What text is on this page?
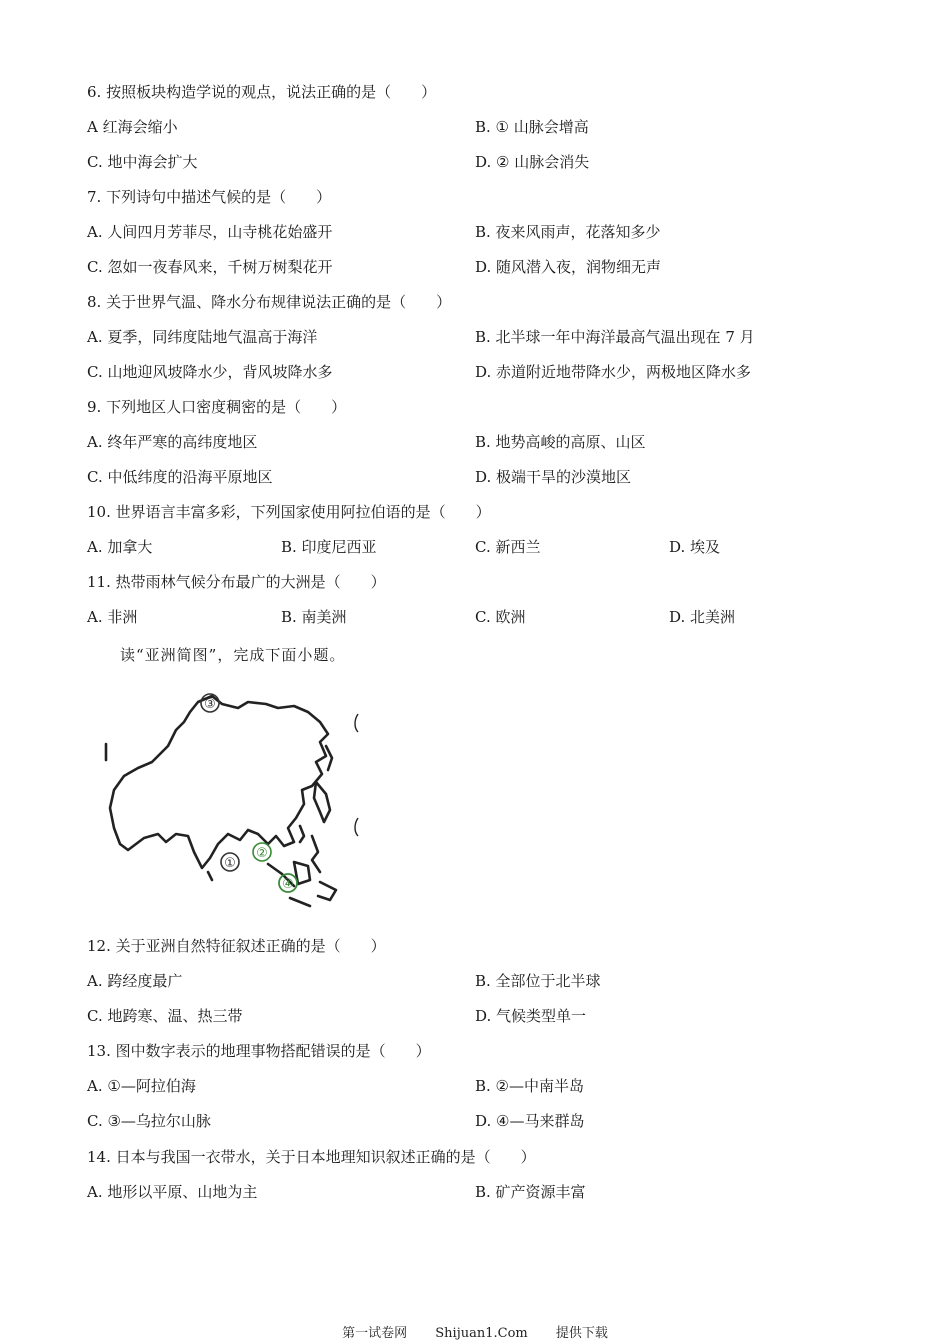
6. 按照板块构造学说的观点，说法正确的是（　　）
A 红海会缩小	B. ① 山脉会增高
C. 地中海会扩大	D. ② 山脉会消失
7. 下列诗句中描述气候的是（　　）
A. 人间四月芳菲尽，山寺桃花始盛开	B. 夜来风雨声，花落知多少
C. 忽如一夜春风来，千树万树梨花开	D. 随风潜入夜，润物细无声
8. 关于世界气温、降水分布规律说法正确的是（　　）
A. 夏季，同纬度陆地气温高于海洋	B. 北半球一年中海洋最高气温出现在 7 月
C. 山地迎风坡降水少，背风坡降水多	D. 赤道附近地带降水少，两极地区降水多
9. 下列地区人口密度稠密的是（　　）
A. 终年严寒的高纬度地区	B. 地势高峻的高原、山区
C. 中低纬度的沿海平原地区	D. 极端干旱的沙漠地区
10. 世界语言丰富多彩，下列国家使用阿拉伯语的是（　　）
A. 加拿大	B. 印度尼西亚	C. 新西兰	D. 埃及
11. 热带雨林气候分布最广的大洲是（　　）
A. 非洲	B. 南美洲	C. 欧洲	D. 北美洲
读“亚洲简图”，完成下面小题。
③
②
①
④
12. 关于亚洲自然特征叙述正确的是（　　）
A. 跨经度最广	B. 全部位于北半球
C. 地跨寒、温、热三带	D. 气候类型单一
13. 图中数字表示的地理事物搭配错误的是（　　）
A. ①—阿拉伯海	B. ②—中南半岛
C. ③—乌拉尔山脉	D. ④—马来群岛
14. 日本与我国一衣带水，关于日本地理知识叙述正确的是（　　）
A. 地形以平原、山地为主	B. 矿产资源丰富
第一试卷网 Shijuan1.Com 提供下载
